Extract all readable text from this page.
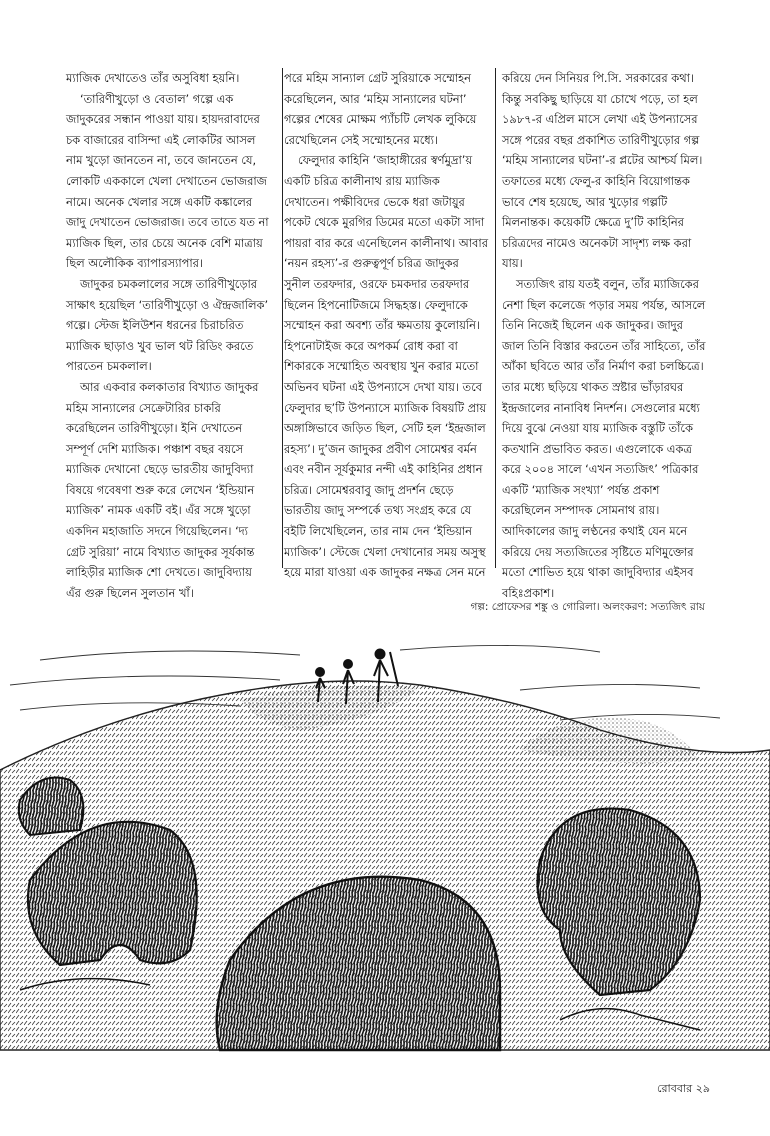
ম্যাজিক দেখাতেও তাঁর অসুবিধা হয়নি।

‘তারিণীখুড়ো ও বেতাল’ গল্পে এক জাদুকরের সন্ধান পাওয়া যায়। হায়দরাবাদের চক বাজারের বাসিন্দা এই লোকটির আসল নাম খুড়ো জানতেন না, তবে জানতেন যে, লোকটি এককালে খেলা দেখাতেন ভোজরাজ নামে। অনেক খেলার সঙ্গে একটি কঙ্কালের জাদু দেখাতেন ভোজরাজ। তবে তাতে যত না ম্যাজিক ছিল, তার চেয়ে অনেক বেশি মাত্রায় ছিল অলৌকিক ব্যাপারস্যাপার।

জাদুকর চমকলালের সঙ্গে তারিণীখুড়োর সাক্ষাৎ হয়েছিল ‘তারিণীখুড়ো ও ঐন্দ্রজালিক’ গল্পে। স্টেজ ইলিউশন ধরনের চিরাচরিত ম্যাজিক ছাড়াও খুব ভাল থট রিডিং করতে পারতেন চমকলাল।

আর একবার কলকাতার বিখ্যাত জাদুকর মহিম সান্যালের সেক্রেটারির চাকরি করেছিলেন তারিণীখুড়ো। ইনি দেখাতেন সম্পূর্ণ দেশি ম্যাজিক। পঞ্চাশ বছর বয়সে ম্যাজিক দেখানো ছেড়ে ভারতীয় জাদুবিদ্যা বিষয়ে গবেষণা শুরু করে লেখেন ‘ইন্ডিয়ান ম্যাজিক’ নামক একটি বই। এঁর সঙ্গে খুড়ো একদিন মহাজাতি সদনে গিয়েছিলেন। ‘দ্য গ্রেট সুরিয়া’ নামে বিখ্যাত জাদুকর সূর্যকান্ত লাহিড়ীর ম্যাজিক শো দেখতে। জাদুবিদ্যায় এঁর গুরু ছিলেন সুলতান খাঁ।

পরে মহিম সান্যাল গ্রেট সুরিয়াকে সম্মোহন করেছিলেন, আর ‘মহিম সান্যালের ঘটনা’ গল্পের শেষের মোক্ষম প্যাঁচটি লেখক লুকিয়ে রেখেছিলেন সেই সম্মোহনের মধ্যে।

ফেলুদার কাহিনি ‘জাহাঙ্গীরের স্বর্ণমুদ্রা’য় একটি চরিত্র কালীনাথ রায় ম্যাজিক দেখাতেন। পক্ষীবিদের ভেকে ধরা জটায়ুর পকেট থেকে মুরগির ডিমের মতো একটা সাদা পায়রা বার করে এনেছিলেন কালীনাথ। আবার ‘নয়ন রহস্য’-র গুরুত্বপূর্ণ চরিত্র জাদুকর সুনীল তরফদার, ওরফে চমকদার তরফদার ছিলেন হিপনোটিজমে সিদ্ধহস্ত। ফেলুদাকে সম্মোহন করা অবশ্য তাঁর ক্ষমতায় কুলোয়নি। হিপনোটাইজ করে অপকর্ম রোধ করা বা শিকারকে সম্মোহিত অবস্থায় খুন করার মতো অভিনব ঘটনা এই উপন্যাসে দেখা যায়। তবে ফেলুদার ছ’টি উপন্যাসে ম্যাজিক বিষয়টি প্রায় অঙ্গাঙ্গিভাবে জড়িত ছিল, সেটি হল ‘ইন্দ্রজাল রহস্য’। দু’জন জাদুকর প্রবীণ সোমেশ্বর বর্মন এবং নবীন সূর্যকুমার নন্দী এই কাহিনির প্রধান চরিত্র। সোমেশ্বরবাবু জাদু প্রদর্শন ছেড়ে ভারতীয় জাদু সম্পর্কে তথ্য সংগ্রহ করে যে বইটি লিখেছিলেন, তার নাম দেন ‘ইন্ডিয়ান ম্যাজিক’। স্টেজে খেলা দেখানোর সময় অসুস্থ হয়ে মারা যাওয়া এক জাদুকর নক্ষত্র সেন মনে

করিয়ে দেন সিনিয়র পি.সি. সরকারের কথা। কিন্তু সবকিছু ছাড়িয়ে যা চোখে পড়ে, তা হল ১৯৮৭-র এপ্রিল মাসে লেখা এই উপন্যাসের সঙ্গে পরের বছর প্রকাশিত তারিণীখুড়োর গল্প ‘মহিম সান্যালের ঘটনা’-র প্লটের আশ্চর্য মিল। তফাতের মধ্যে ফেলু-র কাহিনি বিয়োগান্তক ভাবে শেষ হয়েছে, আর খুড়োর গল্পটি মিলনান্তক। কয়েকটি ক্ষেত্রে দু’টি কাহিনির চরিত্রদের নামেও অনেকটা সাদৃশ্য লক্ষ করা যায়।

সত্যজিৎ রায় যতই বলুন, তাঁর ম্যাজিকের নেশা ছিল কলেজে পড়ার সময় পর্যন্ত, আসলে তিনি নিজেই ছিলেন এক জাদুকর। জাদুর জাল তিনি বিস্তার করতেন তাঁর সাহিত্যে, তাঁর আঁকা ছবিতে আর তাঁর নির্মাণ করা চলচ্চিত্রে। তার মধ্যে ছড়িয়ে থাকত স্রষ্টার ভাঁড়ারঘর ইন্দ্রজালের নানাবিধ নিদর্শন। সেগুলোর মধ্যে দিয়ে বুঝে নেওয়া যায় ম্যাজিক বস্তুটি তাঁকে কতখানি প্রভাবিত করত। এগুলোকে একত্র করে ২০০৪ সালে ‘এখন সত্যজিৎ’ পত্রিকার একটি ‘ম্যাজিক সংখ্যা’ পর্যন্ত প্রকাশ করেছিলেন সম্পাদক সোমনাথ রায়। আদিকালের জাদু লণ্ঠনের কথাই যেন মনে করিয়ে দেয় সত্যজিতের সৃষ্টিতে মণিমুক্তোর মতো শোভিত হয়ে থাকা জাদুবিদ্যার এইসব বহিঃপ্রকাশ।

গল্প: প্রোফেসর শঙ্কু ও গোরিলা। অলংকরণ: সত্যজিৎ রায়
রোববার ২৯
